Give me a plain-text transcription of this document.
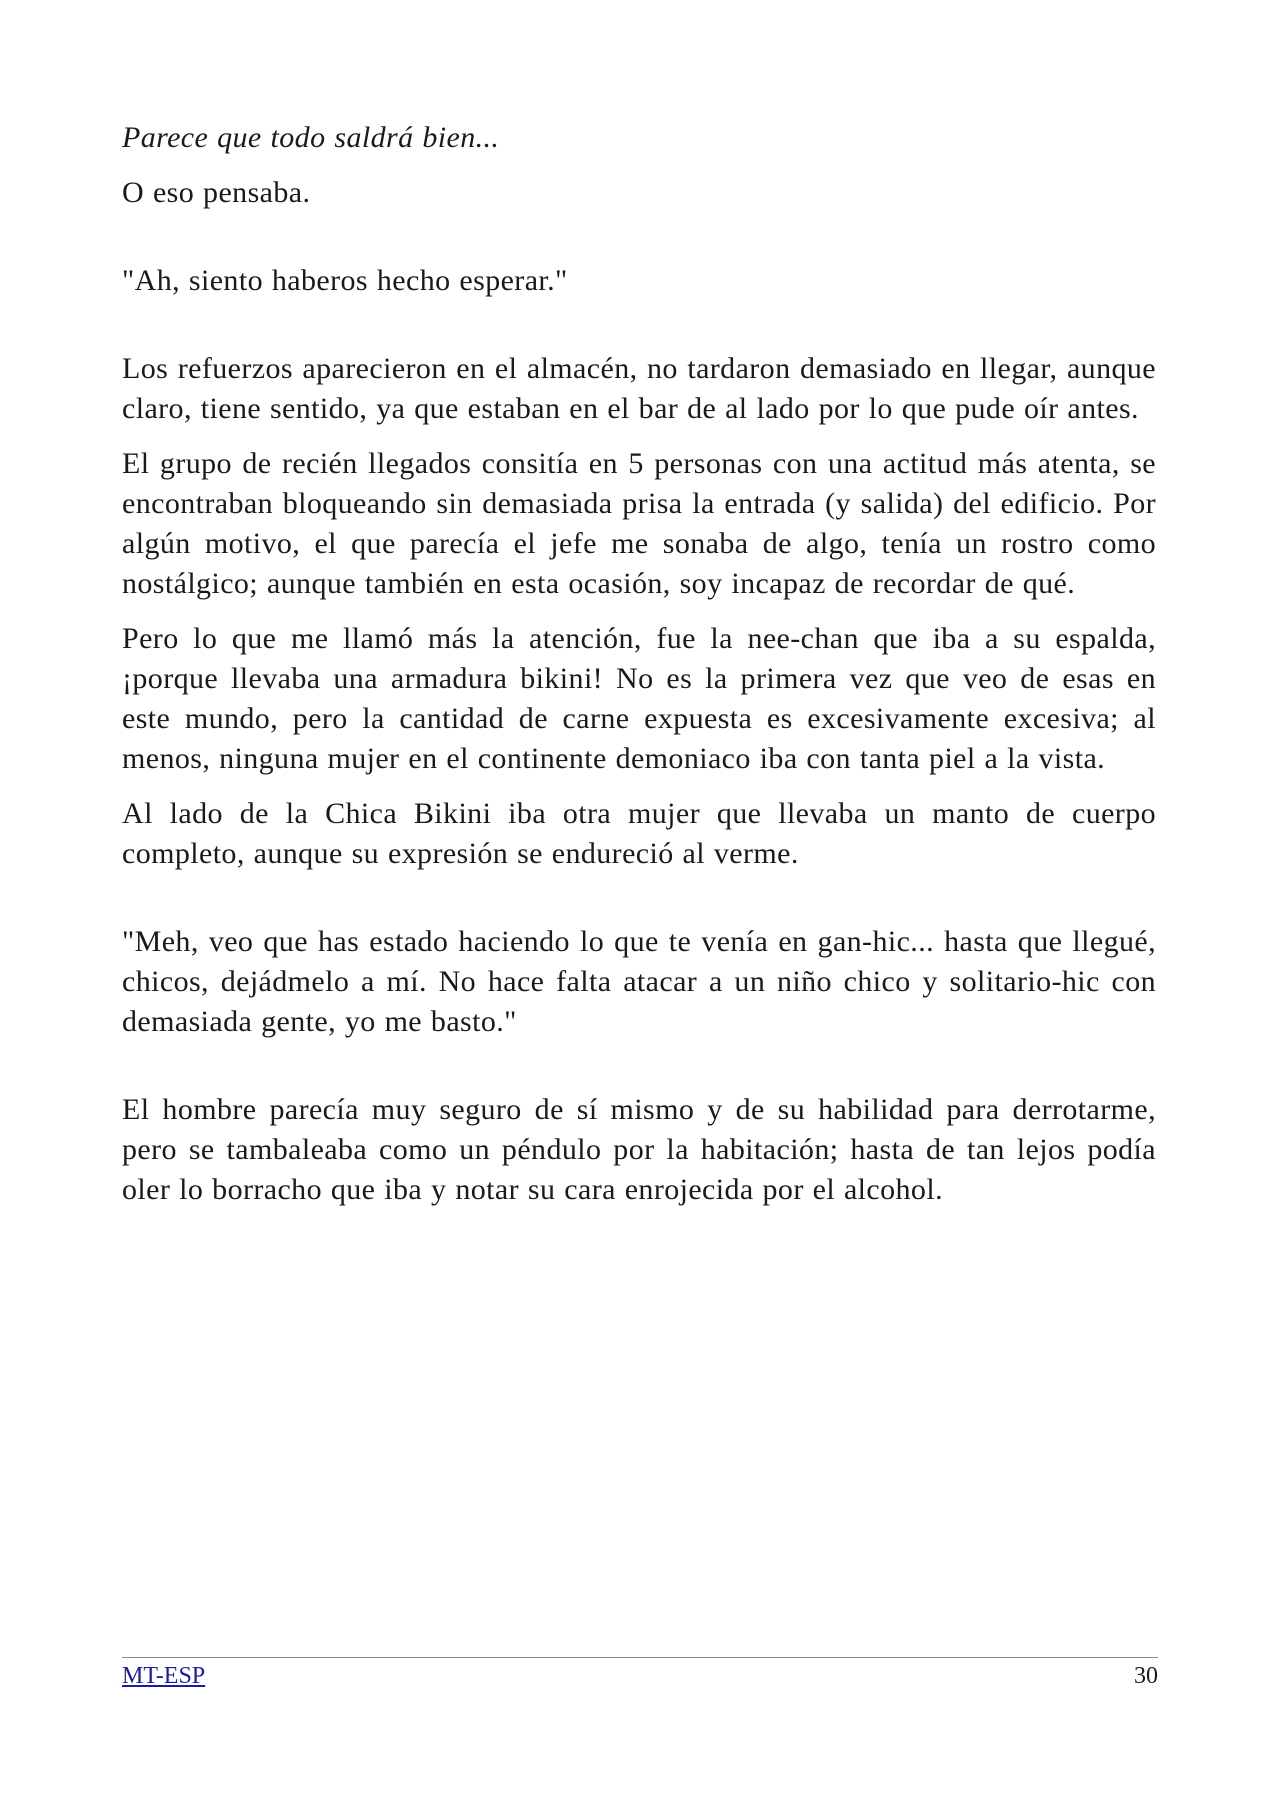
Parece que todo saldrá bien...

O eso pensaba.

"Ah, siento haberos hecho esperar."

Los refuerzos aparecieron en el almacén, no tardaron demasiado en llegar, aunque claro, tiene sentido, ya que estaban en el bar de al lado por lo que pude oír antes.

El grupo de recién llegados consitía en 5 personas con una actitud más atenta, se encontraban bloqueando sin demasiada prisa la entrada (y salida) del edificio. Por algún motivo, el que parecía el jefe me sonaba de algo, tenía un rostro como nostálgico; aunque también en esta ocasión, soy incapaz de recordar de qué.

Pero lo que me llamó más la atención, fue la nee-chan que iba a su espalda, ¡porque llevaba una armadura bikini! No es la primera vez que veo de esas en este mundo, pero la cantidad de carne expuesta es excesivamente excesiva; al menos, ninguna mujer en el continente demoniaco iba con tanta piel a la vista.

Al lado de la Chica Bikini iba otra mujer que llevaba un manto de cuerpo completo, aunque su expresión se endureció al verme.

"Meh, veo que has estado haciendo lo que te venía en gan-hic... hasta que llegué, chicos, dejádmelo a mí. No hace falta atacar a un niño chico y solitario-hic con demasiada gente, yo me basto."

El hombre parecía muy seguro de sí mismo y de su habilidad para derrotarme, pero se tambaleaba como un péndulo por la habitación; hasta de tan lejos podía oler lo borracho que iba y notar su cara enrojecida por el alcohol.

MT-ESP	30
